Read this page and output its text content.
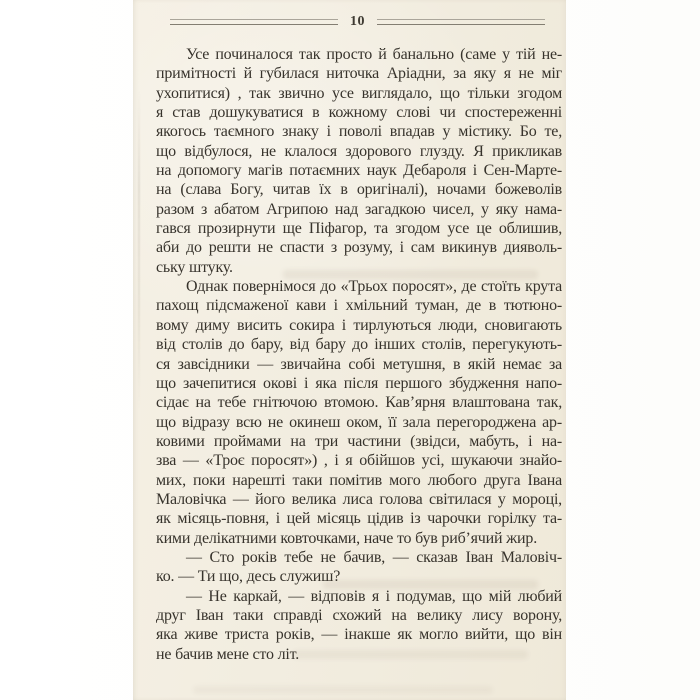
10
Усе починалося так просто й банально (саме у тій не-
примітності й губилася ниточка Аріадни, за яку я не міг
ухопитися) , так звично усе виглядало, що тільки згодом
я став дошукуватися в кожному слові чи спостереженні
якогось таємного знаку і поволі впадав у містику. Бо те,
що відбулося, не клалося здорового глузду. Я прикликав
на допомогу магів потаємних наук Дебароля і Сен-Марте-
на (слава Богу, читав їх в оригіналі), ночами божеволів
разом з абатом Агрипою над загадкою чисел, у яку нама-
гався прозирнути ще Піфагор, та згодом усе це облишив,
аби до решти не спасти з розуму, і сам викинув дияволь-
ську штуку.
Однак повернімося до «Трьох поросят», де стоїть крута
пахощ підсмаженої кави і хмільний туман, де в тютюно-
вому диму висить сокира і тирлуються люди, сновигають
від столів до бару, від бару до інших столів, перегукують-
ся завсідники — звичайна собі метушня, в якій немає за
що зачепитися окові і яка після першого збудження напо-
сідає на тебе гнітючою втомою. Кав’ярня влаштована так,
що відразу всю не окинеш оком, її зала перегороджена ар-
ковими проймами на три частини (звідси, мабуть, і на-
зва — «Троє поросят») , і я обійшов усі, шукаючи знайо-
мих, поки нарешті таки помітив мого любого друга Івана
Маловічка — його велика лиса голова світилася у мороці,
як місяць-повня, і цей місяць цідив із чарочки горілку та-
кими делікатними ковточками, наче то був риб’ячий жир.
— Сто років тебе не бачив, — сказав Іван Маловіч-
ко. — Ти що, десь служиш?
— Не каркай, — відповів я і подумав, що мій любий
друг Іван таки справді схожий на велику лису ворону,
яка живе триста років, — інакше як могло вийти, що він
не бачив мене сто літ.
